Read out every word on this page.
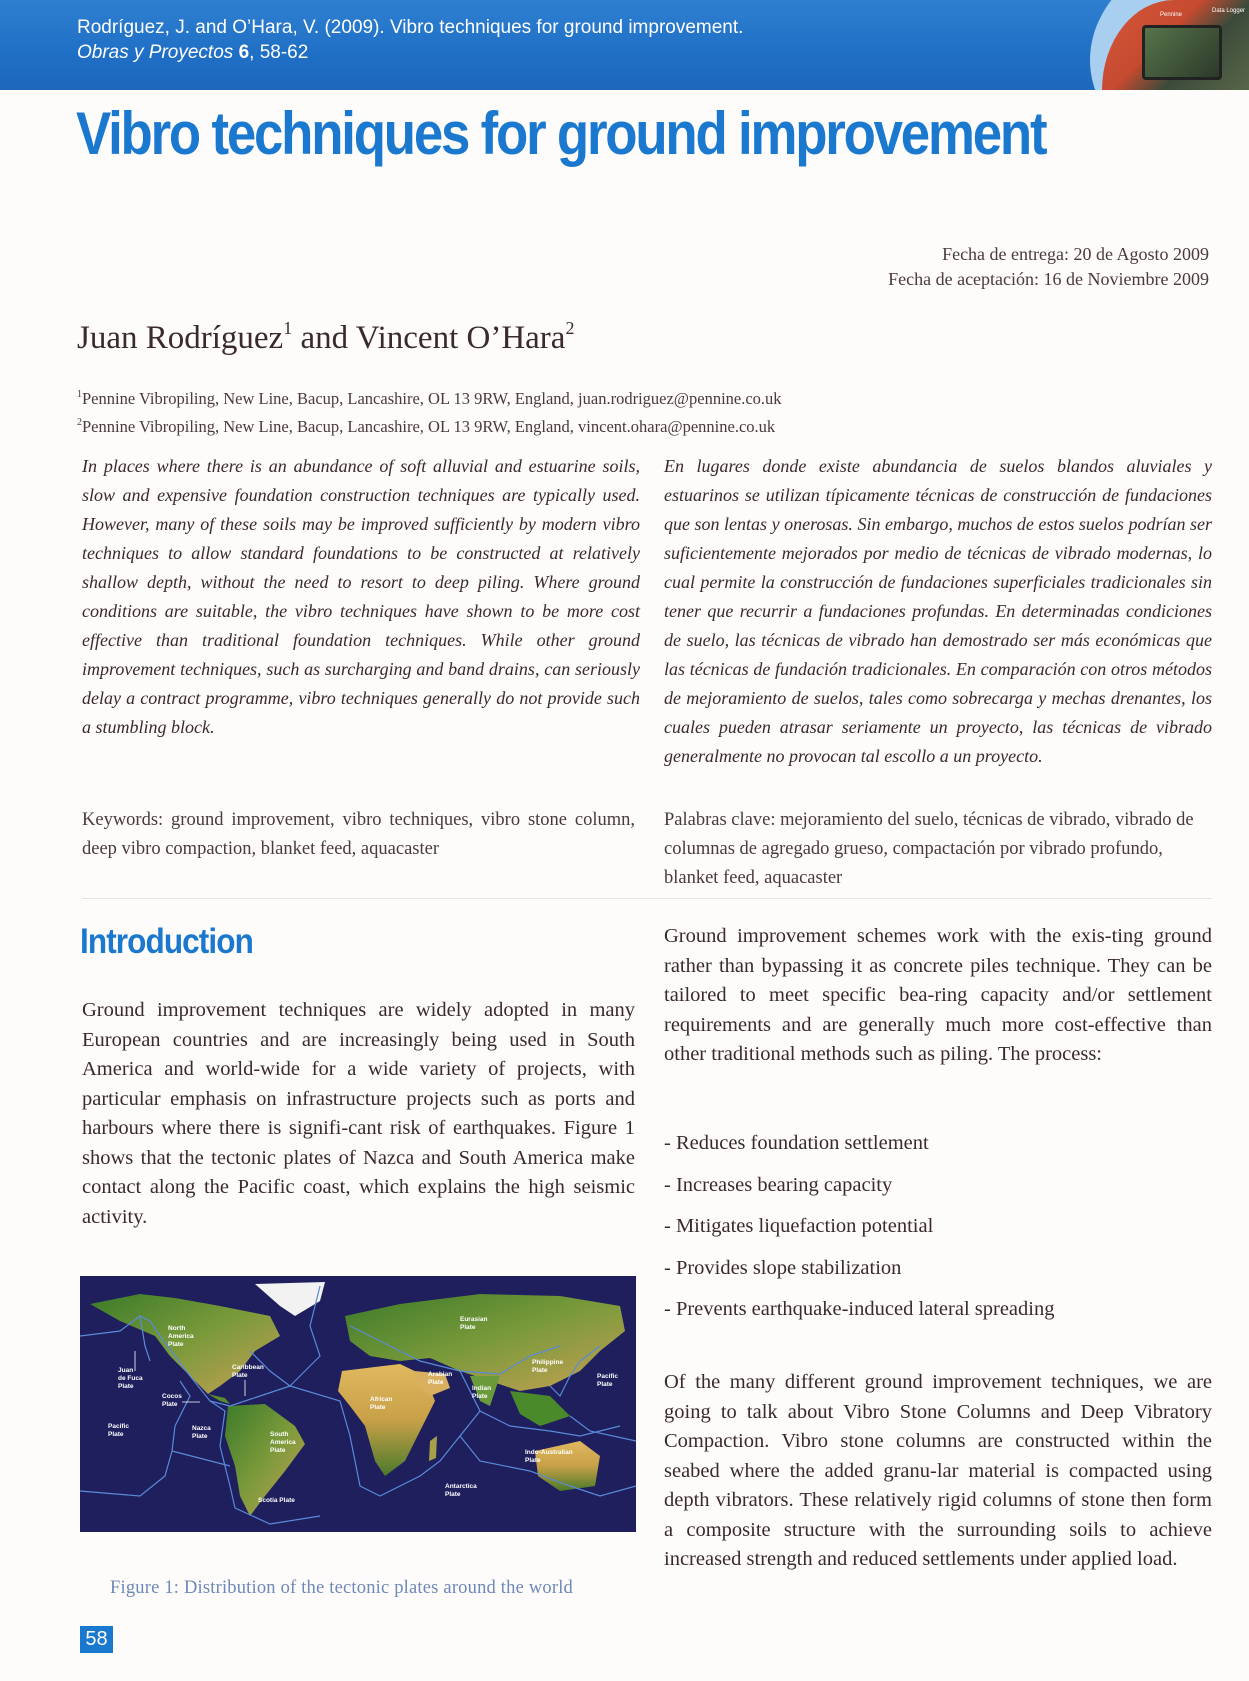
Rodríguez, J. and O’Hara, V. (2009). Vibro techniques for ground improvement.
Obras y Proyectos 6, 58-62
Pennine
Data Logger
Vibro techniques for ground improvement
Fecha de entrega: 20 de Agosto 2009
Fecha de aceptación: 16 de Noviembre 2009
Juan Rodríguez$^1$ and Vincent O’Hara$^2$
$^1$Pennine Vibropiling, New Line, Bacup, Lancashire, OL 13 9RW, England, juan.rodriguez@pennine.co.uk
$^2$Pennine Vibropiling, New Line, Bacup, Lancashire, OL 13 9RW, England, vincent.ohara@pennine.co.uk

In places where there is an abundance of soft alluvial and estuarine soils, slow and expensive foundation construction techniques are typically used. However, many of these soils may be improved sufficiently by modern vibro techniques to allow standard foundations to be constructed at relatively shallow depth, without the need to resort to deep piling. Where ground conditions are suitable, the vibro techniques have shown to be more cost effective than traditional foundation techniques. While other ground improvement techniques, such as surcharging and band drains, can seriously delay a contract programme, vibro techniques generally do not provide such a stumbling block.

En lugares donde existe abundancia de suelos blandos aluviales y estuarinos se utilizan típicamente técnicas de construcción de fundaciones que son lentas y onerosas. Sin embargo, muchos de estos suelos podrían ser suficientemente mejorados por medio de técnicas de vibrado modernas, lo cual permite la construcción de fundaciones superficiales tradicionales sin tener que recurrir a fundaciones profundas. En determinadas condiciones de suelo, las técnicas de vibrado han demostrado ser más económicas que las técnicas de fundación tradicionales. En comparación con otros métodos de mejoramiento de suelos, tales como sobrecarga y mechas drenantes, los cuales pueden atrasar seriamente un proyecto, las técnicas de vibrado generalmente no provocan tal escollo a un proyecto.

Keywords: ground improvement, vibro techniques, vibro stone column, deep vibro compaction, blanket feed, aquacaster

Palabras clave: mejoramiento del suelo, técnicas de vibrado, vibrado de columnas de agregado grueso, compactación por vibrado profundo, blanket feed, aquacaster

Introduction

Ground improvement techniques are widely adopted in many European countries and are increasingly being used in South America and world-wide for a wide variety of projects, with particular emphasis on infrastructure projects such as ports and harbours where there is signifi-cant risk of earthquakes. Figure 1 shows that the tectonic plates of Nazca and South America make contact along the Pacific coast, which explains the high seismic activity.

Ground improvement schemes work with the exis-ting ground rather than bypassing it as concrete piles technique. They can be tailored to meet specific bea-ring capacity and/or settlement requirements and are generally much more cost-effective than other traditional methods such as piling. The process:

- Reduces foundation settlement
- Increases bearing capacity
- Mitigates liquefaction potential
- Provides slope stabilization
- Prevents earthquake-induced lateral spreading

Of the many different ground improvement techniques, we are going to talk about Vibro Stone Columns and Deep Vibratory Compaction. Vibro stone columns are constructed within the seabed where the added granu-lar material is compacted using depth vibrators. These relatively rigid columns of stone then form a composite structure with the surrounding soils to achieve increased strength and reduced settlements under applied load.

North
America
Plate
Juan
de Fuca
Plate
Caribbean
Plate
Cocos
Plate
Pacific
Plate
Nazca
Plate	South
America
Plate
Scotia Plate
Eurasian
Plate
Arabian
Plate
African
Plate
Indian
Plate
Philippine
Plate
Pacific
Plate
Indo-Australian
Plate
Antarctica
Plate

Figure 1: Distribution of the tectonic plates around the world

58
